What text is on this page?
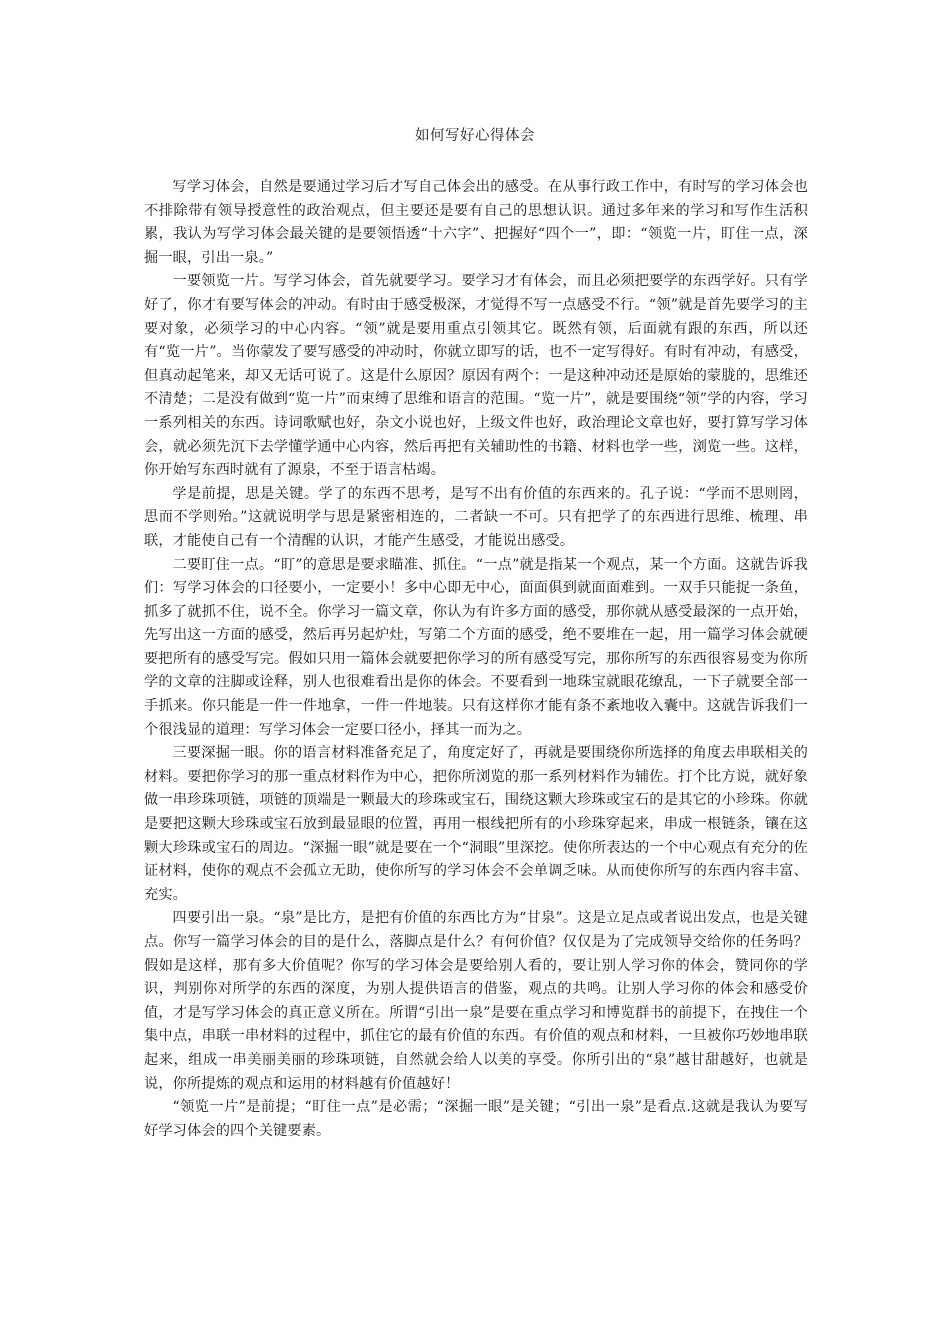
如何写好心得体会

写学习体会，自然是要通过学习后才写自己体会出的感受。在从事行政工作中，有时写的学习体会也不排除带有领导授意性的政治观点，但主要还是要有自己的思想认识。通过多年来的学习和写作生活积累，我认为写学习体会最关键的是要领悟透“十六字”、把握好“四个一”，即：“领览一片，盯住一点，深掘一眼，引出一泉。”

一要领览一片。写学习体会，首先就要学习。要学习才有体会，而且必须把要学的东西学好。只有学好了，你才有要写体会的冲动。有时由于感受极深，才觉得不写一点感受不行。“领”就是首先要学习的主要对象，必须学习的中心内容。“领”就是要用重点引领其它。既然有领，后面就有跟的东西，所以还有“览一片”。当你蒙发了要写感受的冲动时，你就立即写的话，也不一定写得好。有时有冲动，有感受，但真动起笔来，却又无话可说了。这是什么原因？原因有两个：一是这种冲动还是原始的蒙胧的，思维还不清楚；二是没有做到“览一片”而束缚了思维和语言的范围。“览一片”，就是要围绕“领”学的内容，学习一系列相关的东西。诗词歌赋也好，杂文小说也好，上级文件也好，政治理论文章也好，要打算写学习体会，就必须先沉下去学懂学通中心内容，然后再把有关辅助性的书籍、材料也学一些，浏览一些。这样，你开始写东西时就有了源泉，不至于语言枯竭。

学是前提，思是关键。学了的东西不思考，是写不出有价值的东西来的。孔子说：“学而不思则罔，思而不学则殆。”这就说明学与思是紧密相连的，二者缺一不可。只有把学了的东西进行思维、梳理、串联，才能使自己有一个清醒的认识，才能产生感受，才能说出感受。

二要盯住一点。“盯”的意思是要求瞄准、抓住。“一点”就是指某一个观点，某一个方面。这就告诉我们：写学习体会的口径要小，一定要小！多中心即无中心，面面俱到就面面难到。一双手只能捉一条鱼，抓多了就抓不住，说不全。你学习一篇文章，你认为有许多方面的感受，那你就从感受最深的一点开始，先写出这一方面的感受，然后再另起炉灶，写第二个方面的感受，绝不要堆在一起，用一篇学习体会就硬要把所有的感受写完。假如只用一篇体会就要把你学习的所有感受写完，那你所写的东西很容易变为你所学的文章的注脚或诠释，别人也很难看出是你的体会。不要看到一地珠宝就眼花缭乱，一下子就要全部一手抓来。你只能是一件一件地拿，一件一件地装。只有这样你才能有条不紊地收入囊中。这就告诉我们一个很浅显的道理：写学习体会一定要口径小，择其一而为之。

三要深掘一眼。你的语言材料准备充足了，角度定好了，再就是要围绕你所选择的角度去串联相关的材料。要把你学习的那一重点材料作为中心，把你所浏览的那一系列材料作为辅佐。打个比方说，就好象做一串珍珠项链，项链的顶端是一颗最大的珍珠或宝石，围绕这颗大珍珠或宝石的是其它的小珍珠。你就是要把这颗大珍珠或宝石放到最显眼的位置，再用一根线把所有的小珍珠穿起来，串成一根链条，镶在这颗大珍珠或宝石的周边。“深掘一眼”就是要在一个“洞眼”里深挖。使你所表达的一个中心观点有充分的佐证材料，使你的观点不会孤立无助，使你所写的学习体会不会单调乏味。从而使你所写的东西内容丰富、充实。

四要引出一泉。“泉”是比方，是把有价值的东西比方为“甘泉”。这是立足点或者说出发点，也是关键点。你写一篇学习体会的目的是什么，落脚点是什么？有何价值？仅仅是为了完成领导交给你的任务吗？假如是这样，那有多大价值呢？你写的学习体会是要给别人看的，要让别人学习你的体会，赞同你的学识，判别你对所学的东西的深度，为别人提供语言的借鉴，观点的共鸣。让别人学习你的体会和感受价值，才是写学习体会的真正意义所在。所谓“引出一泉”是要在重点学习和博览群书的前提下，在拽住一个集中点，串联一串材料的过程中，抓住它的最有价值的东西。有价值的观点和材料，一旦被你巧妙地串联起来，组成一串美丽美丽的珍珠项链，自然就会给人以美的享受。你所引出的“泉”越甘甜越好，也就是说，你所提炼的观点和运用的材料越有价值越好！

“领览一片”是前提；“盯住一点”是必需；“深掘一眼”是关键；“引出一泉”是看点.这就是我认为要写好学习体会的四个关键要素。
